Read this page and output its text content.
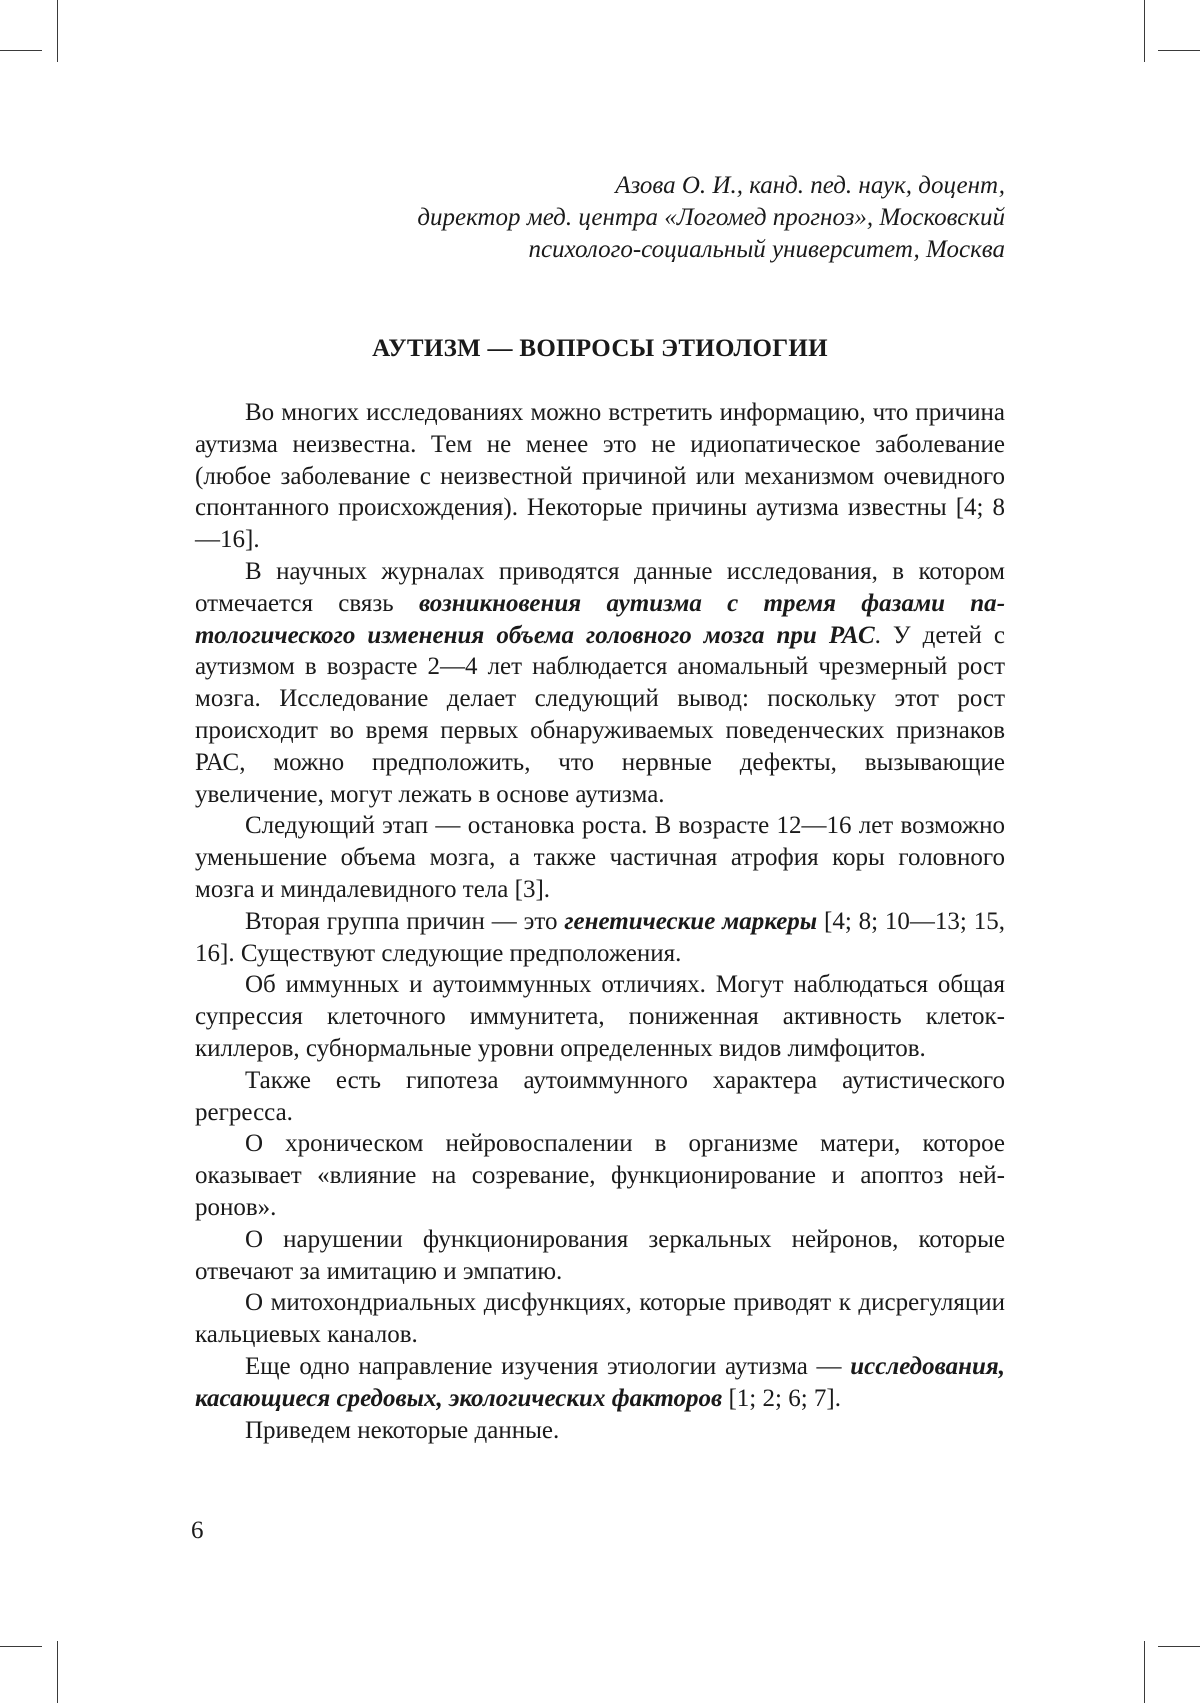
Азова О. И., канд. пед. наук, доцент,
директор мед. центра «Логомед прогноз», Московский
психолого-социальный университет, Москва
АУТИЗМ — ВОПРОСЫ ЭТИОЛОГИИ

Во многих исследованиях можно встретить информацию, что причина аутизма неизвестна. Тем не менее это не идиопатическое заболевание (любое заболевание с неизвестной причиной или механизмом очевидного спонтанного происхождения). Некоторые причины аутизма известны [4; 8—16].

В научных журналах приводятся данные исследования, в котором отмечается связь возникновения аутизма с тремя фазами патологического изменения объема головного мозга при РАС. У детей с аутизмом в возрасте 2—4 лет наблюдается аномальный чрезмерный рост мозга. Исследование делает следующий вывод: поскольку этот рост происходит во время первых обнаруживаемых поведенческих признаков РАС, можно предположить, что нервные дефекты, вызывающие увеличение, могут лежать в основе аутизма.

Следующий этап — остановка роста. В возрасте 12—16 лет возможно уменьшение объема мозга, а также частичная атрофия коры головного мозга и миндалевидного тела [3].

Вторая группа причин — это генетические маркеры [4; 8; 10—13; 15, 16]. Существуют следующие предположения.

Об иммунных и аутоиммунных отличиях. Могут наблюдаться общая супрессия клеточного иммунитета, пониженная активность клеток-киллеров, субнормальные уровни определенных видов лимфоцитов.

Также есть гипотеза аутоиммунного характера аутистического регресса.

О хроническом нейровоспалении в организме матери, которое оказывает «влияние на созревание, функционирование и апоптоз нейронов».

О нарушении функционирования зеркальных нейронов, которые отвечают за имитацию и эмпатию.

О митохондриальных дисфункциях, которые приводят к дисрегуляции кальциевых каналов.

Еще одно направление изучения этиологии аутизма — исследования, касающиеся средовых, экологических факторов [1; 2; 6; 7].

Приведем некоторые данные.

6
